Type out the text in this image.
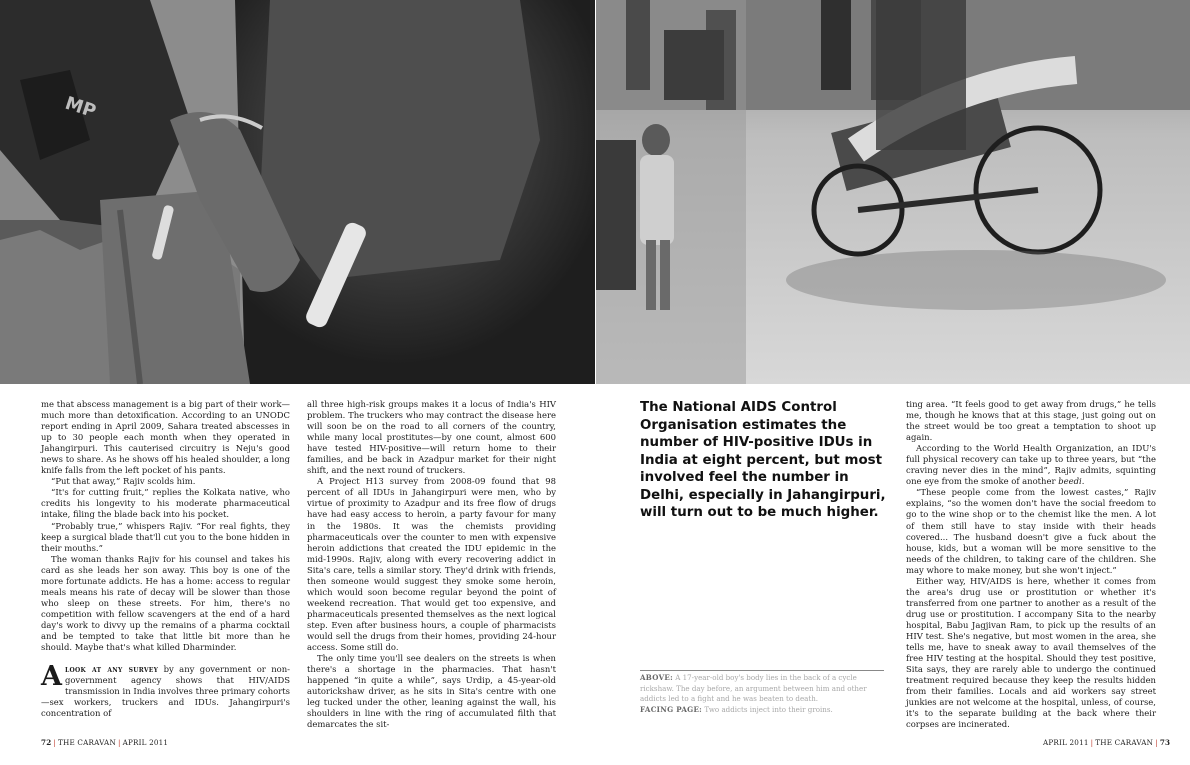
MP

me that abscess management is a big part of their work—much more than detoxification. According to an UNODC report ending in April 2009, Sahara treated abscesses in up to 30 people each month when they operated in Jahangirpuri. This cauterised circuitry is Neju's good news to share. As he shows off his healed shoulder, a long knife falls from the left pocket of his pants.

“Put that away,” Rajiv scolds him.

“It's for cutting fruit,” replies the Kolkata native, who credits his longevity to his moderate pharmaceutical intake, filing the blade back into his pocket.

“Probably true,” whispers Rajiv. “For real fights, they keep a surgical blade that'll cut you to the bone hidden in their mouths.”

The woman thanks Rajiv for his counsel and takes his card as she leads her son away. This boy is one of the more fortunate addicts. He has a home: access to regular meals means his rate of decay will be slower than those who sleep on these streets. For him, there's no competition with fellow scavengers at the end of a hard day's work to divvy up the remains of a pharma cocktail and be tempted to take that little bit more than he should. Maybe that's what killed Dharminder.

Alook at any survey by any government or non-government agency shows that HIV/AIDS transmission in India involves three primary cohorts—sex workers, truckers and IDUs. Jahangirpuri's concentration of

all three high-risk groups makes it a locus of India's HIV problem. The truckers who may contract the disease here will soon be on the road to all corners of the country, while many local prostitutes—by one count, almost 600 have tested HIV-positive—will return home to their families, and be back in Azadpur market for their night shift, and the next round of truckers.

A Project H13 survey from 2008-09 found that 98 percent of all IDUs in Jahangirpuri were men, who by virtue of proximity to Azadpur and its free flow of drugs have had easy access to heroin, a party favour for many in the 1980s. It was the chemists providing pharmaceuticals over the counter to men with expensive heroin addictions that created the IDU epidemic in the mid-1990s. Rajiv, along with every recovering addict in Sita's care, tells a similar story. They'd drink with friends, then someone would suggest they smoke some heroin, which would soon become regular beyond the point of weekend recreation. That would get too expensive, and pharmaceuticals presented themselves as the next logical step. Even after business hours, a couple of pharmacists would sell the drugs from their homes, providing 24-hour access. Some still do.

The only time you'll see dealers on the streets is when there's a shortage in the pharmacies. That hasn't happened “in quite a while”, says Urdip, a 45-year-old autorickshaw driver, as he sits in Sita's centre with one leg tucked under the other, leaning against the wall, his shoulders in line with the ring of accumulated filth that demarcates the sit-

The National AIDS Control Organisation estimates the number of HIV-positive IDUs in India at eight percent, but most involved feel the number in Delhi, especially in Jahangirpuri, will turn out to be much higher.
ABOVE: A 17-year-old boy's body lies in the back of a cycle rickshaw. The day before, an argument between him and other addicts led to a fight and he was beaten to death.
FACING PAGE: Two addicts inject into their groins.

ting area. “It feels good to get away from drugs,” he tells me, though he knows that at this stage, just going out on the street would be too great a temptation to shoot up again.

According to the World Health Organization, an IDU's full physical recovery can take up to three years, but “the craving never dies in the mind”, Rajiv admits, squinting one eye from the smoke of another beedi.

“These people come from the lowest castes,” Rajiv explains, “so the women don't have the social freedom to go to the wine shop or to the chemist like the men. A lot of them still have to stay inside with their heads covered... The husband doesn't give a fuck about the house, kids, but a woman will be more sensitive to the needs of the children, to taking care of the children. She may whore to make money, but she won't inject.”

Either way, HIV/AIDS is here, whether it comes from the area's drug use or prostitution or whether it's transferred from one partner to another as a result of the drug use or prostitution. I accompany Sita to the nearby hospital, Babu Jagjivan Ram, to pick up the results of an HIV test. She's negative, but most women in the area, she tells me, have to sneak away to avail themselves of the free HIV testing at the hospital. Should they test positive, Sita says, they are rarely able to undergo the continued treatment required because they keep the results hidden from their families. Locals and aid workers say street junkies are not welcome at the hospital, unless, of course, it's to the separate building at the back where their corpses are incinerated.

72 | THE CARAVAN | APRIL 2011	APRIL 2011 | THE CARAVAN | 73
